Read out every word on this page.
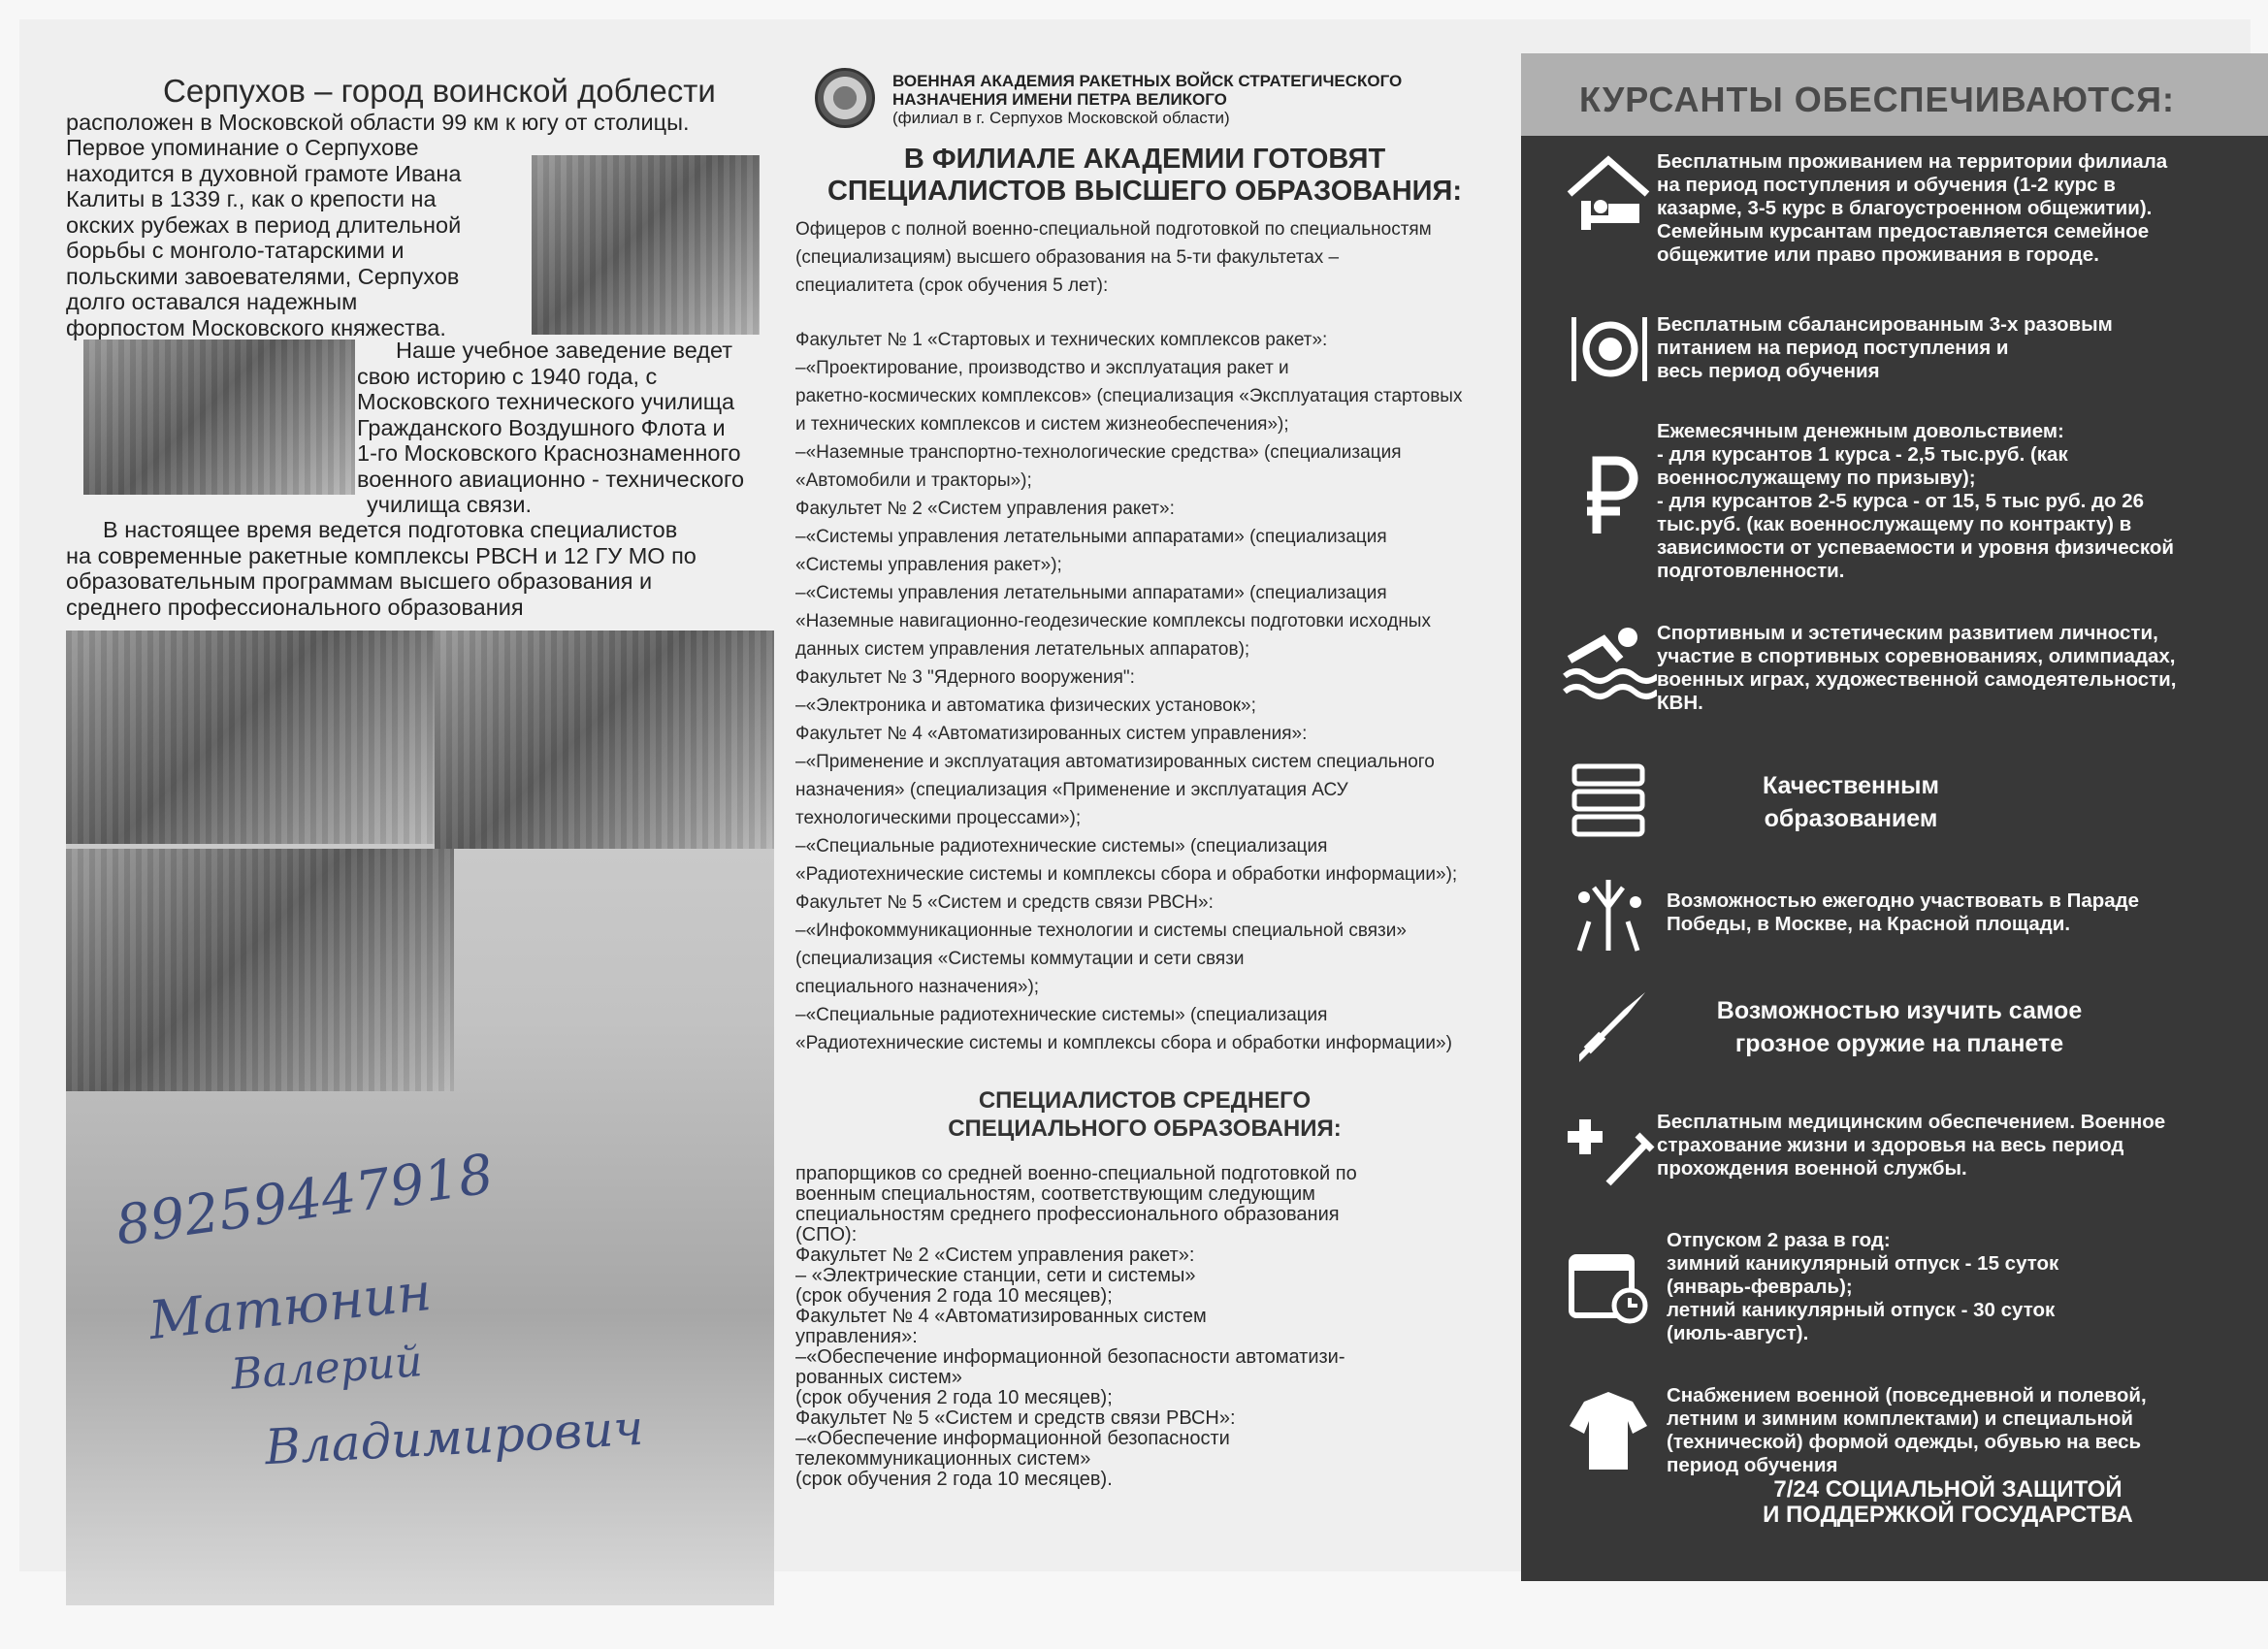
Серпухов – город воинской доблести
расположен в Московской области 99 км к югу от столицы.
Первое упоминание о Серпухове
находится в духовной грамоте Ивана
Калиты в 1339 г., как о крепости на
окских рубежах в период длительной
борьбы с монголо-татарскими и
польскими завоевателями, Серпухов
долго оставался надежным
форпостом Московского княжества.
Наше учебное заведение ведет
свою историю с 1940 года, с
Московского технического училища
Гражданского Воздушного Флота и
1-го Московского Краснознаменного
военного авиационно - технического
училища связи.
В настоящее время ведется подготовка специалистов
на современные ракетные комплексы РВСН и 12 ГУ МО по
образовательным программам высшего образования и
среднего профессионального образования
89259447918
Матюнин
Валерий
Владимирович
ВОЕННАЯ АКАДЕМИЯ РАКЕТНЫХ ВОЙСК СТРАТЕГИЧЕСКОГО
НАЗНАЧЕНИЯ ИМЕНИ ПЕТРА ВЕЛИКОГО
(филиал в г. Серпухов Московской области)
В ФИЛИАЛЕ АКАДЕМИИ ГОТОВЯТ
СПЕЦИАЛИСТОВ ВЫСШЕГО ОБРАЗОВАНИЯ:
Офицеров с полной военно-специальной подготовкой по специальностям
(специализациям) высшего образования на 5-ти факультетах –
специалитета (срок обучения 5 лет):
Факультет № 1 «Стартовых и технических комплексов ракет»:
–«Проектирование, производство и эксплуатация ракет и
ракетно-космических комплексов» (специализация «Эксплуатация стартовых
и технических комплексов и систем жизнеобеспечения»);
–«Наземные транспортно-технологические средства» (специализация
«Автомобили и тракторы»);
Факультет № 2 «Систем управления ракет»:
–«Системы управления летательными аппаратами» (специализация
«Системы управления ракет»);
–«Системы управления летательными аппаратами» (специализация
«Наземные навигационно-геодезические комплексы подготовки исходных
данных систем управления летательных аппаратов);
Факультет № 3 "Ядерного вооружения":
–«Электроника и автоматика физических установок»;
Факультет № 4 «Автоматизированных систем управления»:
–«Применение и эксплуатация автоматизированных систем специального
назначения» (специализация «Применение и эксплуатация АСУ
технологическими процессами»);
–«Специальные радиотехнические системы» (специализация
«Радиотехнические системы и комплексы сбора и обработки информации»);
Факультет № 5 «Систем и средств связи РВСН»:
–«Инфокоммуникационные технологии и системы специальной связи»
(специализация «Системы коммутации и сети связи
специального назначения»);
–«Специальные радиотехнические системы» (специализация
«Радиотехнические системы и комплексы сбора и обработки информации»)
СПЕЦИАЛИСТОВ СРЕДНЕГО
СПЕЦИАЛЬНОГО ОБРАЗОВАНИЯ:
прапорщиков со средней военно-специальной подготовкой по
военным специальностям, соответствующим следующим
специальностям среднего профессионального образования
(СПО):
Факультет № 2 «Систем управления ракет»:
– «Электрические станции, сети и системы»
(срок обучения 2 года 10 месяцев);
Факультет № 4 «Автоматизированных систем
управления»:
–«Обеспечение информационной безопасности автоматизи-
рованных систем»
(срок обучения 2 года 10 месяцев);
Факультет № 5 «Систем и средств связи РВСН»:
–«Обеспечение информационной безопасности
телекоммуникационных систем»
(срок обучения 2 года 10 месяцев).
КУРСАНТЫ ОБЕСПЕЧИВАЮТСЯ:
Бесплатным проживанием на территории филиала
на период поступления и обучения (1-2 курс в
казарме, 3-5 курс в благоустроенном общежитии).
Семейным курсантам предоставляется семейное
общежитие или право проживания в городе.
Бесплатным сбалансированным 3-х разовым
питанием на период поступления и
весь период обучения
Ежемесячным денежным довольствием:
- для курсантов 1 курса - 2,5 тыс.руб. (как
военнослужащему по призыву);
- для курсантов 2-5 курса - от 15, 5 тыс руб. до 26
тыс.руб. (как военнослужащему по контракту) в
зависимости от успеваемости и уровня физической
подготовленности.
Спортивным и эстетическим развитием личности,
участие в спортивных соревнованиях, олимпиадах,
военных играх, художественной самодеятельности,
КВН.
Качественным
образованием
Возможностью ежегодно участвовать в Параде
Победы, в Москве, на Красной площади.
Возможностью изучить самое
грозное оружие на планете
Бесплатным медицинским обеспечением. Военное
страхование жизни и здоровья на весь период
прохождения военной службы.
Отпуском 2 раза в год:
зимний каникулярный отпуск - 15 суток
(январь-февраль);
летний каникулярный отпуск - 30 суток
(июль-август).
Снабжением военной (повседневной и полевой,
летним и зимним комплектами) и специальной
(технической) формой одежды, обувью на весь
период обучения
7/24 СОЦИАЛЬНОЙ ЗАЩИТОЙ
И ПОДДЕРЖКОЙ ГОСУДАРСТВА
